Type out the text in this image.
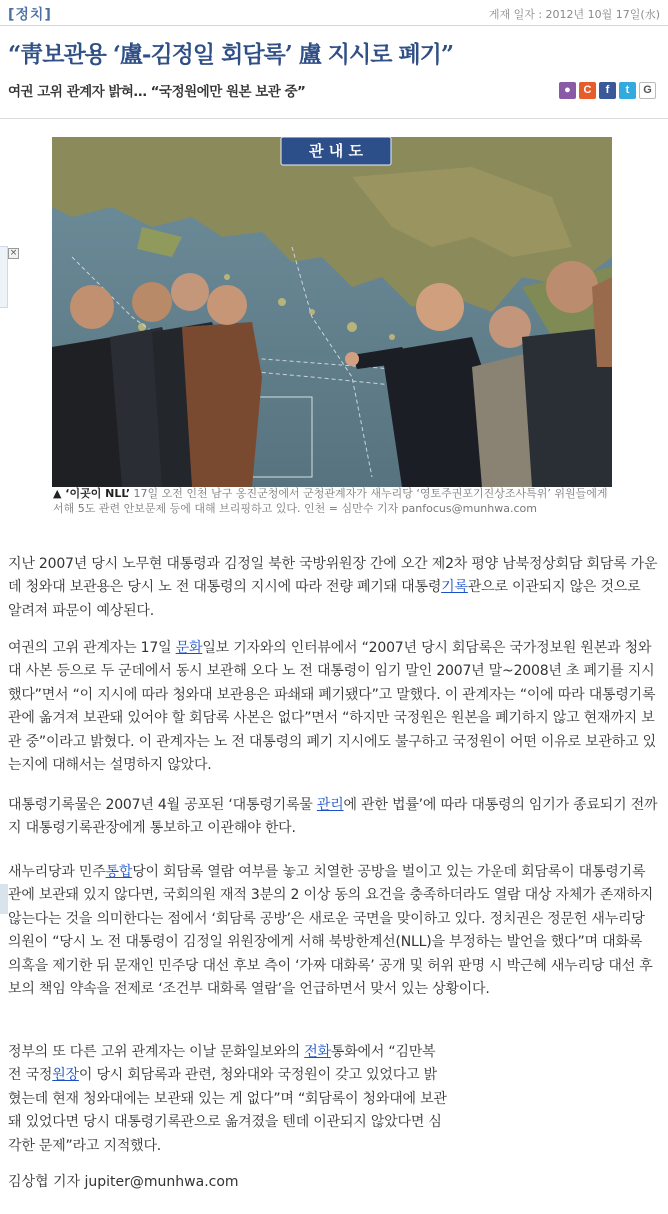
[정치]	게재 일자 : 2012년 10월 17일(水)
“靑보관용 ‘盧-김정일 회담록’ 盧 지시로 폐기”
여권 고위 관계자 밝혀… “국정원에만 원본 보관 중”	●	C	f	t	G
×
관 내 도

▲ ‘이곳이 NLL’ 17일 오전 인천 남구 옹진군청에서 군청관계자가 새누리당 ‘영토주권포기진상조사특위’ 위원들에게 서해 5도 관련 안보문제 등에 대해 브리핑하고 있다. 인천 = 심만수 기자 panfocus@munhwa.com

지난 2007년 당시 노무현 대통령과 김정일 북한 국방위원장 간에 오간 제2차 평양 남북정상회담 회담록 가운데 청와대 보관용은 당시 노 전 대통령의 지시에 따라 전량 폐기돼 대통령기록관으로 이관되지 않은 것으로 알려져 파문이 예상된다.

여권의 고위 관계자는 17일 문화일보 기자와의 인터뷰에서 “2007년 당시 회담록은 국가정보원 원본과 청와대 사본 등으로 두 군데에서 동시 보관해 오다 노 전 대통령이 임기 말인 2007년 말~2008년 초 폐기를 지시했다”면서 “이 지시에 따라 청와대 보관용은 파쇄돼 폐기됐다”고 말했다. 이 관계자는 “이에 따라 대통령기록관에 옮겨져 보관돼 있어야 할 회담록 사본은 없다”면서 “하지만 국정원은 원본을 폐기하지 않고 현재까지 보관 중”이라고 밝혔다. 이 관계자는 노 전 대통령의 폐기 지시에도 불구하고 국정원이 어떤 이유로 보관하고 있는지에 대해서는 설명하지 않았다.

대통령기록물은 2007년 4월 공포된 ‘대통령기록물 관리에 관한 법률’에 따라 대통령의 임기가 종료되기 전까지 대통령기록관장에게 통보하고 이관해야 한다.

새누리당과 민주통합당이 회담록 열람 여부를 놓고 치열한 공방을 벌이고 있는 가운데 회담록이 대통령기록관에 보관돼 있지 않다면, 국회의원 재적 3분의 2 이상 동의 요건을 충족하더라도 열람 대상 자체가 존재하지 않는다는 것을 의미한다는 점에서 ‘회담록 공방’은 새로운 국면을 맞이하고 있다. 정치권은 정문헌 새누리당 의원이 “당시 노 전 대통령이 김정일 위원장에게 서해 북방한계선(NLL)을 부정하는 발언을 했다”며 대화록 의혹을 제기한 뒤 문재인 민주당 대선 후보 측이 ‘가짜 대화록’ 공개 및 허위 판명 시 박근혜 새누리당 대선 후보의 책임 약속을 전제로 ‘조건부 대화록 열람’을 언급하면서 맞서 있는 상황이다.

정부의 또 다른 고위 관계자는 이날 문화일보와의 전화통화에서 “김만복 전 국정원장이 당시 회담록과 관련, 청와대와 국정원이 갖고 있었다고 밝혔는데 현재 청와대에는 보관돼 있는 게 없다”며 “회담록이 청와대에 보관돼 있었다면 당시 대통령기록관으로 옮겨졌을 텐데 이관되지 않았다면 심각한 문제”라고 지적했다.

김상협 기자 jupiter@munhwa.com
